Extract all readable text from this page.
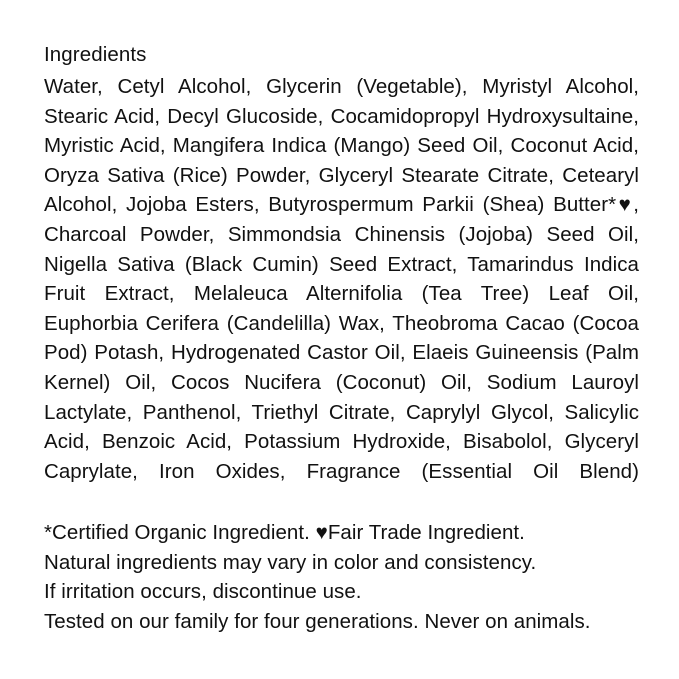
Ingredients

Water, Cetyl Alcohol, Glycerin (Vegetable), Myristyl Alcohol, Stearic Acid, Decyl Glucoside, Cocamidopropyl Hydroxysultaine, Myristic Acid, Mangifera Indica (Mango) Seed Oil, Coconut Acid, Oryza Sativa (Rice) Powder, Glyceryl Stearate Citrate, Cetearyl Alcohol, Jojoba Esters, Butyrospermum Parkii (Shea) Butter*♥, Charcoal Powder, Simmondsia Chinensis (Jojoba) Seed Oil, Nigella Sativa (Black Cumin) Seed Extract, Tamarindus Indica Fruit Extract, Melaleuca Alternifolia (Tea Tree) Leaf Oil, Euphorbia Cerifera (Candelilla) Wax, Theobroma Cacao (Cocoa Pod) Potash, Hydrogenated Castor Oil, Elaeis Guineensis (Palm Kernel) Oil, Cocos Nucifera (Coconut) Oil, Sodium Lauroyl Lactylate, Panthenol, Triethyl Citrate, Caprylyl Glycol, Salicylic Acid, Benzoic Acid, Potassium Hydroxide, Bisabolol, Glyceryl Caprylate, Iron Oxides, Fragrance (Essential Oil Blend)

*Certified Organic Ingredient. ♥Fair Trade Ingredient.
Natural ingredients may vary in color and consistency.
If irritation occurs, discontinue use.
Tested on our family for four generations. Never on animals.
